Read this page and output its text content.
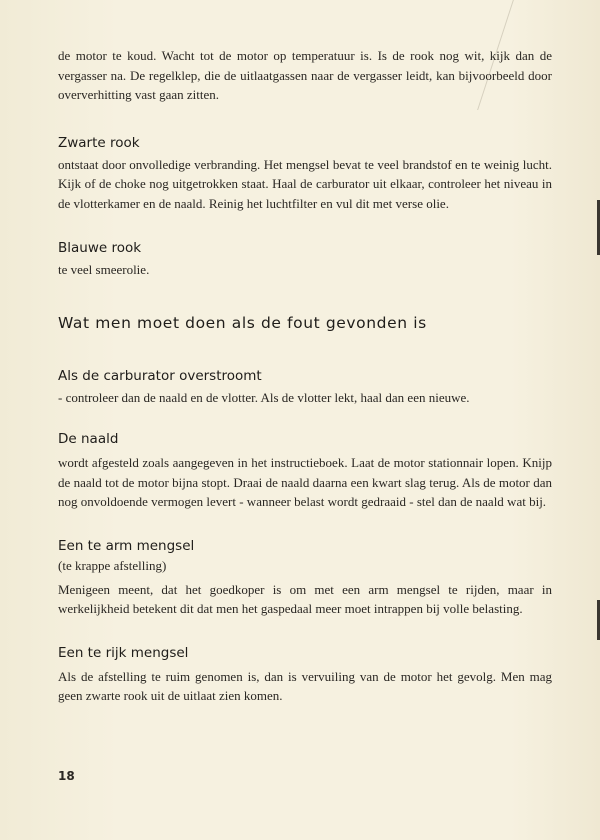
de motor te koud. Wacht tot de motor op temperatuur is. Is de rook nog wit, kijk dan de vergasser na. De regelklep, die de uitlaatgassen naar de vergasser leidt, kan bijvoorbeeld door oververhitting vast gaan zitten.

Zwarte rook

ontstaat door onvolledige verbranding. Het mengsel bevat te veel brandstof en te weinig lucht. Kijk of de choke nog uitgetrokken staat. Haal de carburator uit elkaar, controleer het niveau in de vlotterkamer en de naald. Reinig het luchtfilter en vul dit met verse olie.

Blauwe rook

te veel smeerolie.

Wat men moet doen als de fout gevonden is
Als de carburator overstroomt

- controleer dan de naald en de vlotter. Als de vlotter lekt, haal dan een nieuwe.

De naald

wordt afgesteld zoals aangegeven in het instructieboek. Laat de motor stationnair lopen. Knijp de naald tot de motor bijna stopt. Draai de naald daarna een kwart slag terug. Als de motor dan nog onvoldoende vermogen levert - wanneer belast wordt gedraaid - stel dan de naald wat bij.

Een te arm mengsel

(te krappe afstelling)

Menigeen meent, dat het goedkoper is om met een arm mengsel te rijden, maar in werkelijkheid betekent dit dat men het gaspedaal meer moet intrappen bij volle belasting.

Een te rijk mengsel

Als de afstelling te ruim genomen is, dan is vervuiling van de motor het gevolg. Men mag geen zwarte rook uit de uitlaat zien komen.

18
